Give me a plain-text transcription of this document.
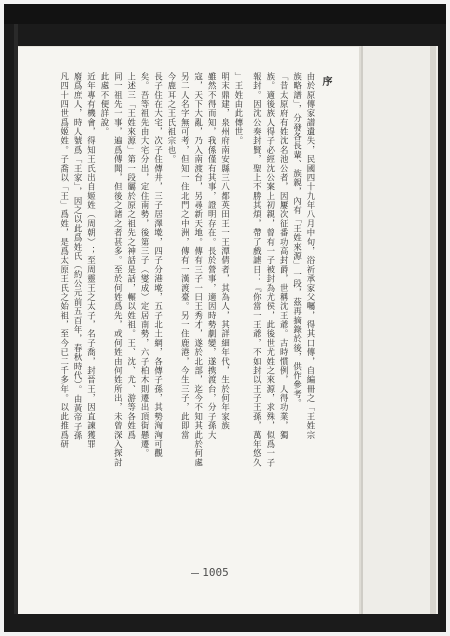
序
由於原傳家譜遺失，民國四十九年八月中旬，浴祈承家父囑，得其口傳，自編冊之「王姓宗
族略譜」，分發各長輩、族親，內有「王姓來源」一段，茲再摘錄於後，供作參考。
「昔太原府有姓沈名池公者，因屢次征番功高封爵，世稱沈王爺。古時慣例，人得功業，獨
族。適後族人得子必經沈公案上初親，曾有一子被封為尤侯，此後世尤姓之來源，求殊，似爲一子
報封。因沈公奏封賢，聖上不勝其煩，帶了戲謔日：『你當一王爺，不如封以王子王孫，萬年悠久
」王姓由此傳世。
明末鼎建，泉州府南安縣三八都英田王一王潭倩者，其為人，其詳細年代，生於何年家族
雖然不得而知，我係僅有其事，證明存在。長於營事，適因時勢劇變，遂携渡台，分子孫大
寇，天下大亂，乃入南渡台，另尋新天地。傳有三子一曰王秀才，遂於北部，迄今不知其此於何處
另二人名字無可考，但知一住北門之中洲，傳有一漢渡臺。另一住鹿港，今生三子，此即當
今鹿耳之王氏祖宗也。
長子住在大宅，次子住傳井，三子居澤墘，四子分港墘，五子北土網，各傳子孫，其勢洶洶可觀
矣。吾等祖先由大宅分出，定住南勢，後第三子（燮成）定居南勢，六子柏木則遷出頂街懸遷。
上述三「王姓來源」第一段屬於原之祖先之神話是話，輾以姓祖。王、沈、尤、游等各姓爲
同一祖先一事，遍爲傳聞，但後之諸之者甚多。至於何姓爲先，或何姓由何姓所出，未曾深入探討
此處不便詳說。
近年專有機會，得知王氏出自姬姓（周朝）；至周靈王之太子，名子喬，封晉王，因直諫獲罪
廢爲庶人，時人號爲「王家」，因之以此爲姓氏（約公元前五百年，春秋時代）。由黃帝子孫
凡四十四世爲姬姓。子喬以「王」爲姓，是爲太原王氏之始祖，至今已二千多年。以此推爲研
1005
